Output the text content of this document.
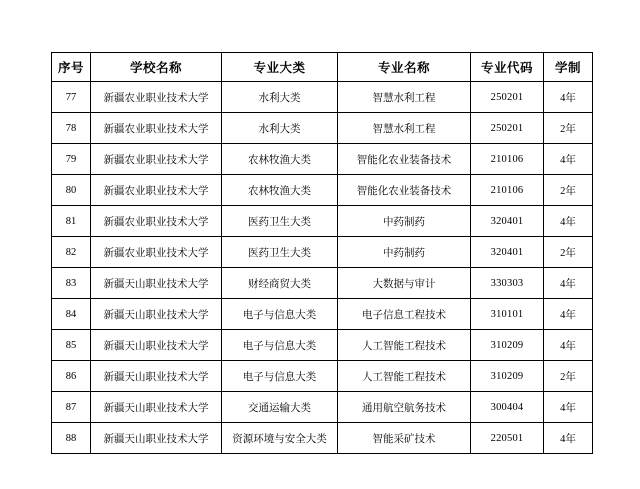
序号	学校名称	专业大类	专业名称	专业代码	学制
77	新疆农业职业技术大学	水利大类	智慧水利工程	250201	4年
78	新疆农业职业技术大学	水利大类	智慧水利工程	250201	2年
79	新疆农业职业技术大学	农林牧渔大类	智能化农业装备技术	210106	4年
80	新疆农业职业技术大学	农林牧渔大类	智能化农业装备技术	210106	2年
81	新疆农业职业技术大学	医药卫生大类	中药制药	320401	4年
82	新疆农业职业技术大学	医药卫生大类	中药制药	320401	2年
83	新疆天山职业技术大学	财经商贸大类	大数据与审计	330303	4年
84	新疆天山职业技术大学	电子与信息大类	电子信息工程技术	310101	4年
85	新疆天山职业技术大学	电子与信息大类	人工智能工程技术	310209	4年
86	新疆天山职业技术大学	电子与信息大类	人工智能工程技术	310209	2年
87	新疆天山职业技术大学	交通运输大类	通用航空航务技术	300404	4年
88	新疆天山职业技术大学	资源环境与安全大类	智能采矿技术	220501	4年
